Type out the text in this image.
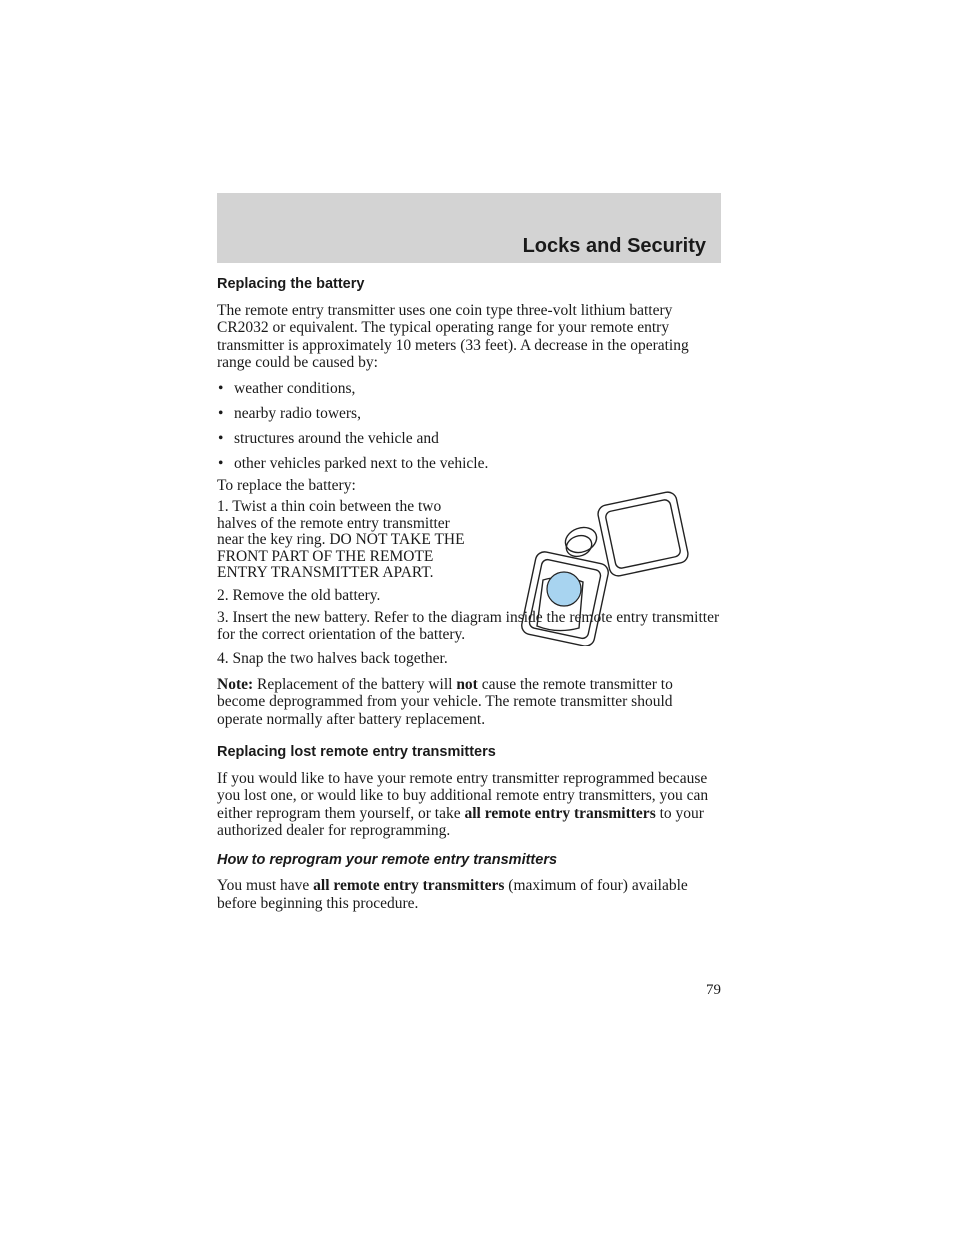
Locks and Security
Replacing the battery

The remote entry transmitter uses one coin type three-volt lithium battery CR2032 or equivalent. The typical operating range for your remote entry transmitter is approximately 10 meters (33 feet). A decrease in the operating range could be caused by:

• weather conditions,
• nearby radio towers,
• structures around the vehicle and
• other vehicles parked next to the vehicle.

To replace the battery:

1. Twist a thin coin between the two halves of the remote entry transmitter near the key ring. DO NOT TAKE THE FRONT PART OF THE REMOTE ENTRY TRANSMITTER APART.

2. Remove the old battery.

3. Insert the new battery. Refer to the diagram inside the remote entry transmitter for the correct orientation of the battery.

4. Snap the two halves back together.

Note: Replacement of the battery will not cause the remote transmitter to become deprogrammed from your vehicle. The remote transmitter should operate normally after battery replacement.

Replacing lost remote entry transmitters

If you would like to have your remote entry transmitter reprogrammed because you lost one, or would like to buy additional remote entry transmitters, you can either reprogram them yourself, or take all remote entry transmitters to your authorized dealer for reprogramming.

How to reprogram your remote entry transmitters

You must have all remote entry transmitters (maximum of four) available before beginning this procedure.

79
